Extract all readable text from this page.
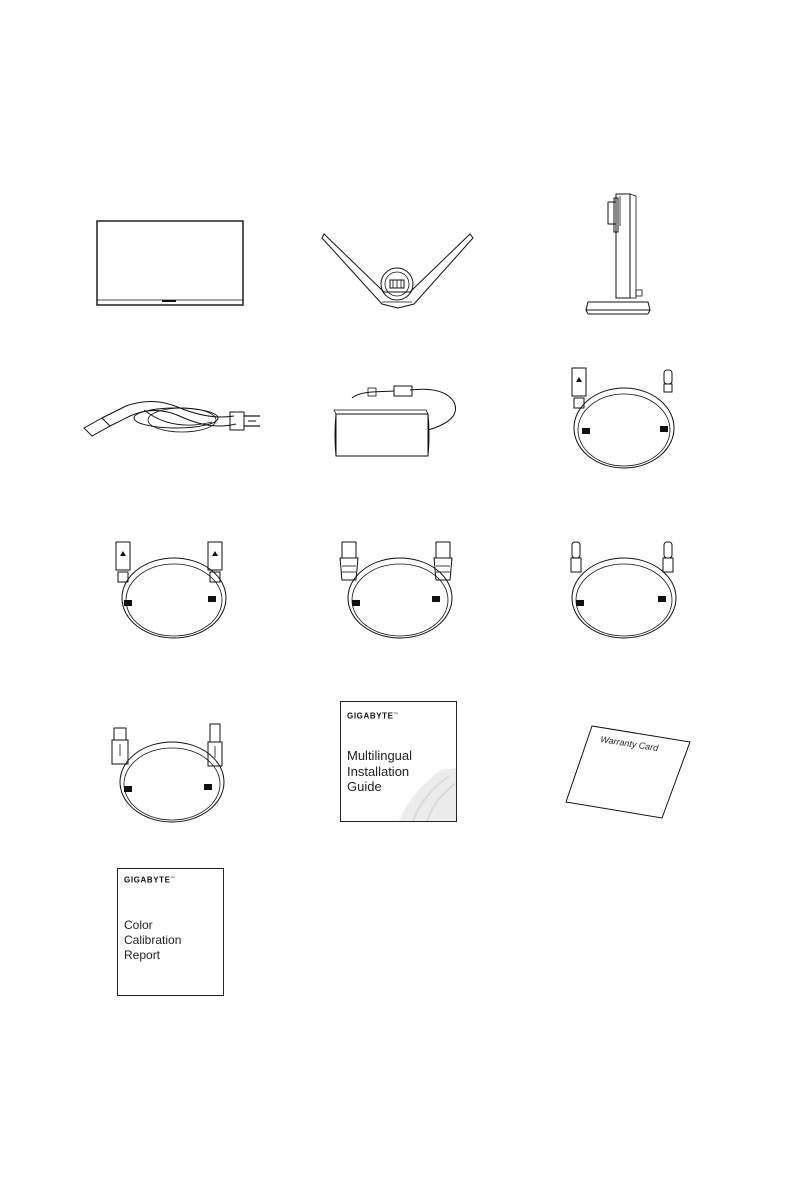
GIGABYTE™
Multilingual
Installation
Guide
Warranty Card
GIGABYTE™
Color
Calibration
Report
